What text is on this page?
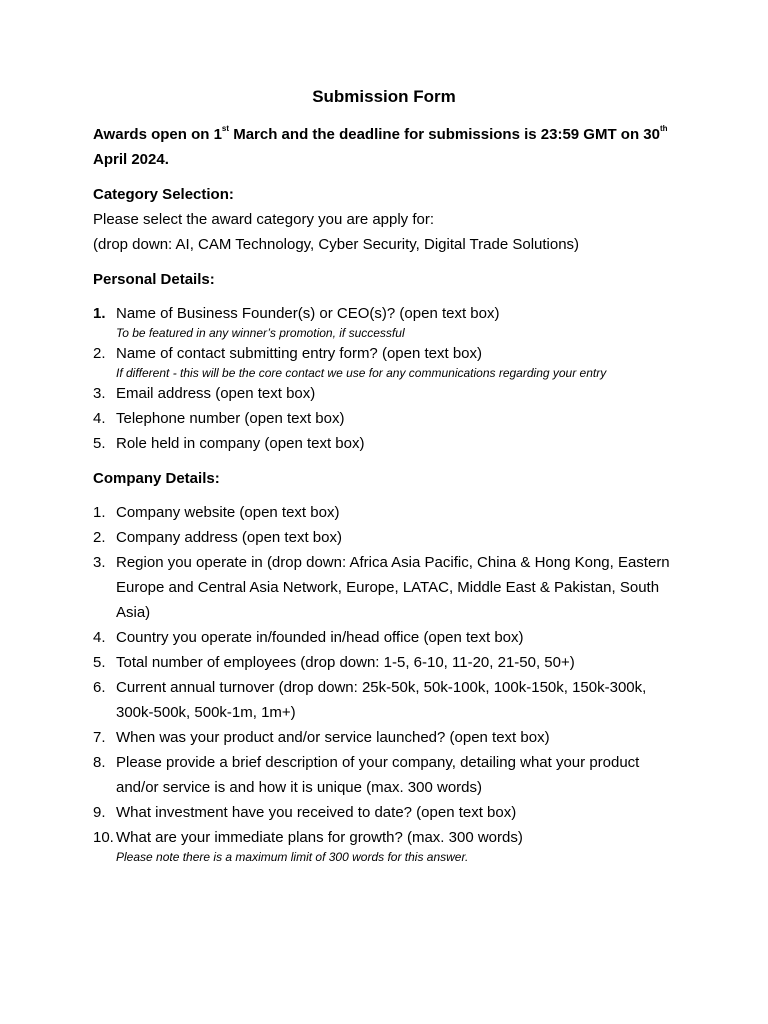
Submission Form

Awards open on 1st March and the deadline for submissions is 23:59 GMT on 30th April 2024.

Category Selection:

Please select the award category you are apply for:

(drop down: AI, CAM Technology, Cyber Security, Digital Trade Solutions)

Personal Details:
1. Name of Business Founder(s) or CEO(s)? (open text box)
To be featured in any winner’s promotion, if successful
2. Name of contact submitting entry form? (open text box)
If different - this will be the core contact we use for any communications regarding your entry
3. Email address (open text box)
4. Telephone number (open text box)
5. Role held in company (open text box)
Company Details:
1. Company website (open text box)
2. Company address (open text box)
3. Region you operate in (drop down: Africa Asia Pacific, China & Hong Kong, Eastern Europe and Central Asia Network, Europe, LATAC, Middle East & Pakistan, South Asia)
4. Country you operate in/founded in/head office (open text box)
5. Total number of employees (drop down: 1-5, 6-10, 11-20, 21-50, 50+)
6. Current annual turnover (drop down: 25k-50k, 50k-100k, 100k-150k, 150k-300k, 300k-500k, 500k-1m, 1m+)
7. When was your product and/or service launched? (open text box)
8. Please provide a brief description of your company, detailing what your product and/or service is and how it is unique (max. 300 words)
9. What investment have you received to date? (open text box)
10. What are your immediate plans for growth? (max. 300 words)
Please note there is a maximum limit of 300 words for this answer.
